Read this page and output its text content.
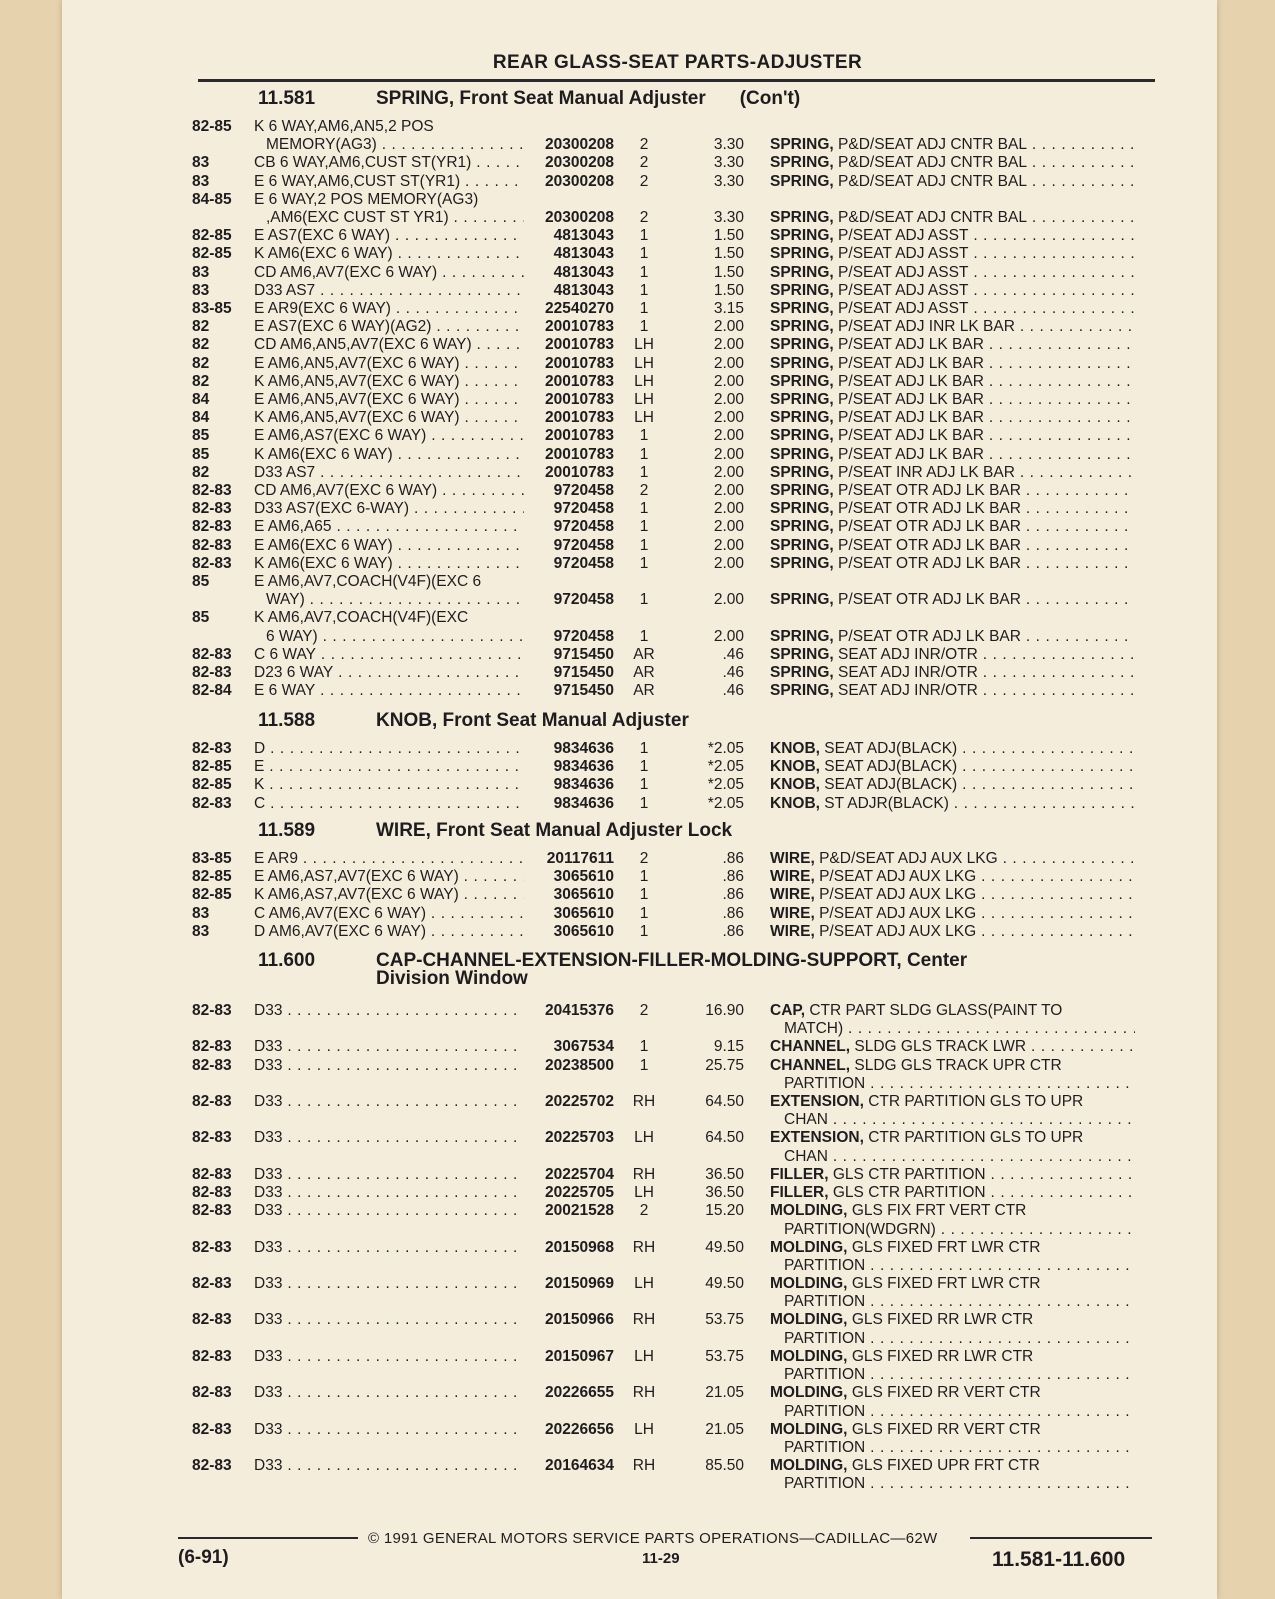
REAR GLASS-SEAT PARTS-ADJUSTER
11.581	SPRING, Front Seat Manual Adjuster (Con't)
82-85	K 6 WAY,AM6,AN5,2 POS
MEMORY(AG3) . . .	20300208	2	3.30 SPRING, P&D/SEAT ADJ CNTR BAL . . .
83	CB 6 WAY,AM6,CUST ST(YR1) . . .	20300208	2	3.30 SPRING, P&D/SEAT ADJ CNTR BAL . . .
83	E 6 WAY,AM6,CUST ST(YR1) . . .	20300208	2	3.30 SPRING, P&D/SEAT ADJ CNTR BAL . . .
84-85	E 6 WAY,2 POS MEMORY(AG3)
,AM6(EXC CUST ST YR1) . . .	20300208	2	3.30 SPRING, P&D/SEAT ADJ CNTR BAL . . .
82-85	E AS7(EXC 6 WAY) . . .	4813043	1	1.50 SPRING, P/SEAT ADJ ASST . . .
82-85	K AM6(EXC 6 WAY) . . .	4813043	1	1.50 SPRING, P/SEAT ADJ ASST . . .
83	CD AM6,AV7(EXC 6 WAY) . . .	4813043	1	1.50 SPRING, P/SEAT ADJ ASST . . .
83	D33 AS7 . . .	4813043	1	1.50 SPRING, P/SEAT ADJ ASST . . .
83-85	E AR9(EXC 6 WAY) . . .	22540270	1	3.15 SPRING, P/SEAT ADJ ASST . . .
82	E AS7(EXC 6 WAY)(AG2) . . .	20010783	1	2.00 SPRING, P/SEAT ADJ INR LK BAR . . .
82	CD AM6,AN5,AV7(EXC 6 WAY) . . .	20010783	LH	2.00 SPRING, P/SEAT ADJ LK BAR . . .
82	E AM6,AN5,AV7(EXC 6 WAY) . . .	20010783	LH	2.00 SPRING, P/SEAT ADJ LK BAR . . .
82	K AM6,AN5,AV7(EXC 6 WAY) . . .	20010783	LH	2.00 SPRING, P/SEAT ADJ LK BAR . . .
84	E AM6,AN5,AV7(EXC 6 WAY) . . .	20010783	LH	2.00 SPRING, P/SEAT ADJ LK BAR . . .
84	K AM6,AN5,AV7(EXC 6 WAY) . . .	20010783	LH	2.00 SPRING, P/SEAT ADJ LK BAR . . .
85	E AM6,AS7(EXC 6 WAY) . . .	20010783	1	2.00 SPRING, P/SEAT ADJ LK BAR . . .
85	K AM6(EXC 6 WAY) . . .	20010783	1	2.00 SPRING, P/SEAT ADJ LK BAR . . .
82	D33 AS7 . . .	20010783	1	2.00 SPRING, P/SEAT INR ADJ LK BAR . . .
82-83	CD AM6,AV7(EXC 6 WAY) . . .	9720458	2	2.00 SPRING, P/SEAT OTR ADJ LK BAR . . .
82-83	D33 AS7(EXC 6-WAY) . . .	9720458	1	2.00 SPRING, P/SEAT OTR ADJ LK BAR . . .
82-83	E AM6,A65 . . .	9720458	1	2.00 SPRING, P/SEAT OTR ADJ LK BAR . . .
82-83	E AM6(EXC 6 WAY) . . .	9720458	1	2.00 SPRING, P/SEAT OTR ADJ LK BAR . . .
82-83	K AM6(EXC 6 WAY) . . .	9720458	1	2.00 SPRING, P/SEAT OTR ADJ LK BAR . . .
85	E AM6,AV7,COACH(V4F)(EXC 6
WAY) . . .	9720458	1	2.00 SPRING, P/SEAT OTR ADJ LK BAR . . .
85	K AM6,AV7,COACH(V4F)(EXC
6 WAY) . . .	9720458	1	2.00 SPRING, P/SEAT OTR ADJ LK BAR . . .
82-83	C 6 WAY . . .	9715450	AR	.46 SPRING, SEAT ADJ INR/OTR . . .
82-83	D23 6 WAY . . .	9715450	AR	.46 SPRING, SEAT ADJ INR/OTR . . .
82-84	E 6 WAY . . .	9715450	AR	.46 SPRING, SEAT ADJ INR/OTR . . .
11.588	KNOB, Front Seat Manual Adjuster
82-83	D . . .	9834636	1	*2.05 KNOB, SEAT ADJ(BLACK) . . .
82-85	E . . .	9834636	1	*2.05 KNOB, SEAT ADJ(BLACK) . . .
82-85	K . . .	9834636	1	*2.05 KNOB, SEAT ADJ(BLACK) . . .
82-83	C . . .	9834636	1	*2.05 KNOB, ST ADJR(BLACK) . . .
11.589	WIRE, Front Seat Manual Adjuster Lock
83-85	E AR9 . . .	20117611	2	.86 WIRE, P&D/SEAT ADJ AUX LKG . . .
82-85	E AM6,AS7,AV7(EXC 6 WAY) . . .	3065610	1	.86 WIRE, P/SEAT ADJ AUX LKG . . .
82-85	K AM6,AS7,AV7(EXC 6 WAY) . . .	3065610	1	.86 WIRE, P/SEAT ADJ AUX LKG . . .
83	C AM6,AV7(EXC 6 WAY) . . .	3065610	1	.86 WIRE, P/SEAT ADJ AUX LKG . . .
83	D AM6,AV7(EXC 6 WAY) . . .	3065610	1	.86 WIRE, P/SEAT ADJ AUX LKG . . .
11.600	CAP-CHANNEL-EXTENSION-FILLER-MOLDING-SUPPORT, Center
Division Window
82-83	D33 . . .	20415376	2	16.90 CAP, CTR PART SLDG GLASS(PAINT TO
MATCH) . . .
82-83	D33 . . .	3067534	1	9.15 CHANNEL, SLDG GLS TRACK LWR . . .
82-83	D33 . . .	20238500	1	25.75 CHANNEL, SLDG GLS TRACK UPR CTR
PARTITION . . .
82-83	D33 . . .	20225702	RH	64.50 EXTENSION, CTR PARTITION GLS TO UPR
CHAN . . .
82-83	D33 . . .	20225703	LH	64.50 EXTENSION, CTR PARTITION GLS TO UPR
CHAN . . .
82-83	D33 . . .	20225704	RH	36.50 FILLER, GLS CTR PARTITION . . .
82-83	D33 . . .	20225705	LH	36.50 FILLER, GLS CTR PARTITION . . .
82-83	D33 . . .	20021528	2	15.20 MOLDING, GLS FIX FRT VERT CTR
PARTITION(WDGRN) . . .
82-83	D33 . . .	20150968	RH	49.50 MOLDING, GLS FIXED FRT LWR CTR
PARTITION . . .
82-83	D33 . . .	20150969	LH	49.50 MOLDING, GLS FIXED FRT LWR CTR
PARTITION . . .
82-83	D33 . . .	20150966	RH	53.75 MOLDING, GLS FIXED RR LWR CTR
PARTITION . . .
82-83	D33 . . .	20150967	LH	53.75 MOLDING, GLS FIXED RR LWR CTR
PARTITION . . .
82-83	D33 . . .	20226655	RH	21.05 MOLDING, GLS FIXED RR VERT CTR
PARTITION . . .
82-83	D33 . . .	20226656	LH	21.05 MOLDING, GLS FIXED RR VERT CTR
PARTITION . . .
82-83	D33 . . .	20164634	RH	85.50 MOLDING, GLS FIXED UPR FRT CTR
PARTITION . . .
© 1991 GENERAL MOTORS SERVICE PARTS OPERATIONS—CADILLAC—62W
(6-91)	11-29	11.581-11.600
